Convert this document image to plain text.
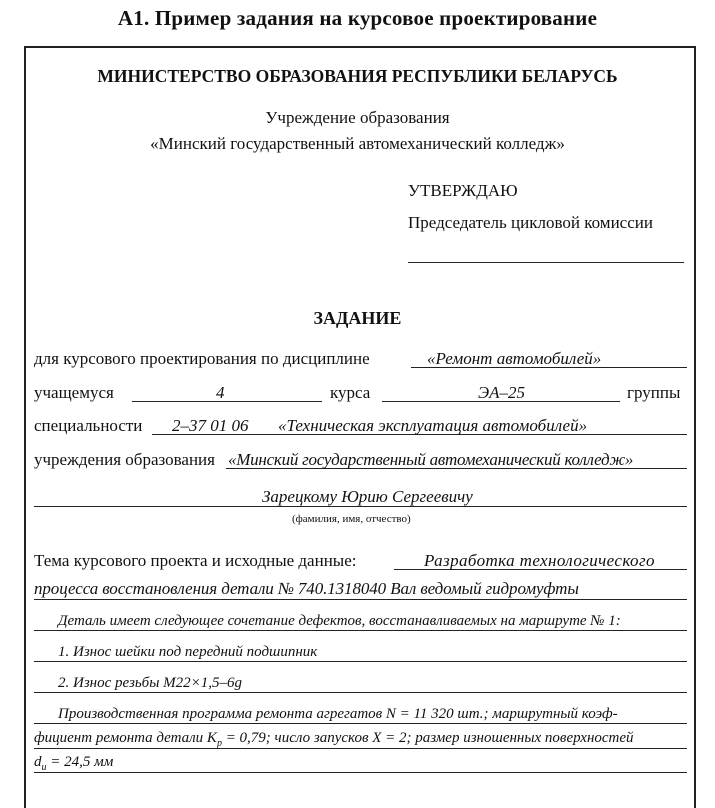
А1. Пример задания на курсовое проектирование
МИНИСТЕРСТВО ОБРАЗОВАНИЯ РЕСПУБЛИКИ БЕЛАРУСЬ
Учреждение образования
«Минский государственный автомеханический колледж»
УТВЕРЖДАЮ
Председатель цикловой комиссии
ЗАДАНИЕ
для курсового проектирования по дисциплине	«Ремонт автомобилей»
учащемуся	4	курса	ЭА–25	группы
специальности 2–37 01 06 «Техническая эксплуатация автомобилей»
учреждения образования «Минский государственный автомеханический колледж»
Зарецкому Юрию Сергеевичу
(фамилия, имя, отчество)
Тема курсового проекта и исходные данные:	Разработка технологического
процесса восстановления детали № 740.1318040 Вал ведомый гидромуфты
Деталь имеет следующее сочетание дефектов, восстанавливаемых на маршруте № 1:
1. Износ шейки под передний подшипник
2. Износ резьбы М22×1,5–6g
Производственная программа ремонта агрегатов N = 11 320 шт.; маршрутный коэф-
фициент ремонта детали $K_р = 0,79$; число запусков X = 2; размер изношенных поверхностей
$d_и = 24,5$ мм
